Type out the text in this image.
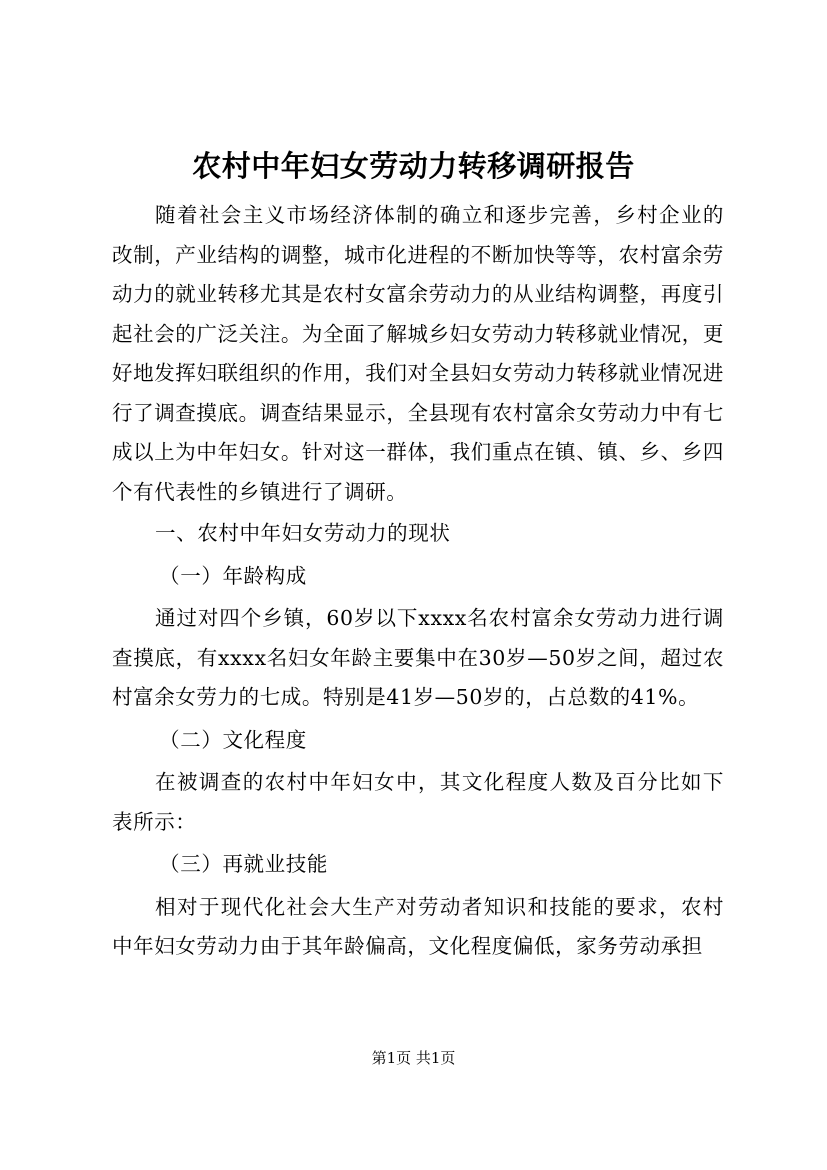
农村中年妇女劳动力转移调研报告

随着社会主义市场经济体制的确立和逐步完善，乡村企业的改制，产业结构的调整，城市化进程的不断加快等等，农村富余劳动力的就业转移尤其是农村女富余劳动力的从业结构调整，再度引起社会的广泛关注。为全面了解城乡妇女劳动力转移就业情况，更好地发挥妇联组织的作用，我们对全县妇女劳动力转移就业情况进行了调查摸底。调查结果显示，全县现有农村富余女劳动力中有七成以上为中年妇女。针对这一群体，我们重点在镇、镇、乡、乡四个有代表性的乡镇进行了调研。

一、农村中年妇女劳动力的现状

（一）年龄构成

通过对四个乡镇，60岁以下xxxx名农村富余女劳动力进行调查摸底，有xxxx名妇女年龄主要集中在30岁—50岁之间，超过农村富余女劳力的七成。特别是41岁—50岁的，占总数的41%。

（二）文化程度

在被调查的农村中年妇女中，其文化程度人数及百分比如下表所示：

（三）再就业技能

相对于现代化社会大生产对劳动者知识和技能的要求，农村中年妇女劳动力由于其年龄偏高，文化程度偏低，家务劳动承担

第1页 共1页
